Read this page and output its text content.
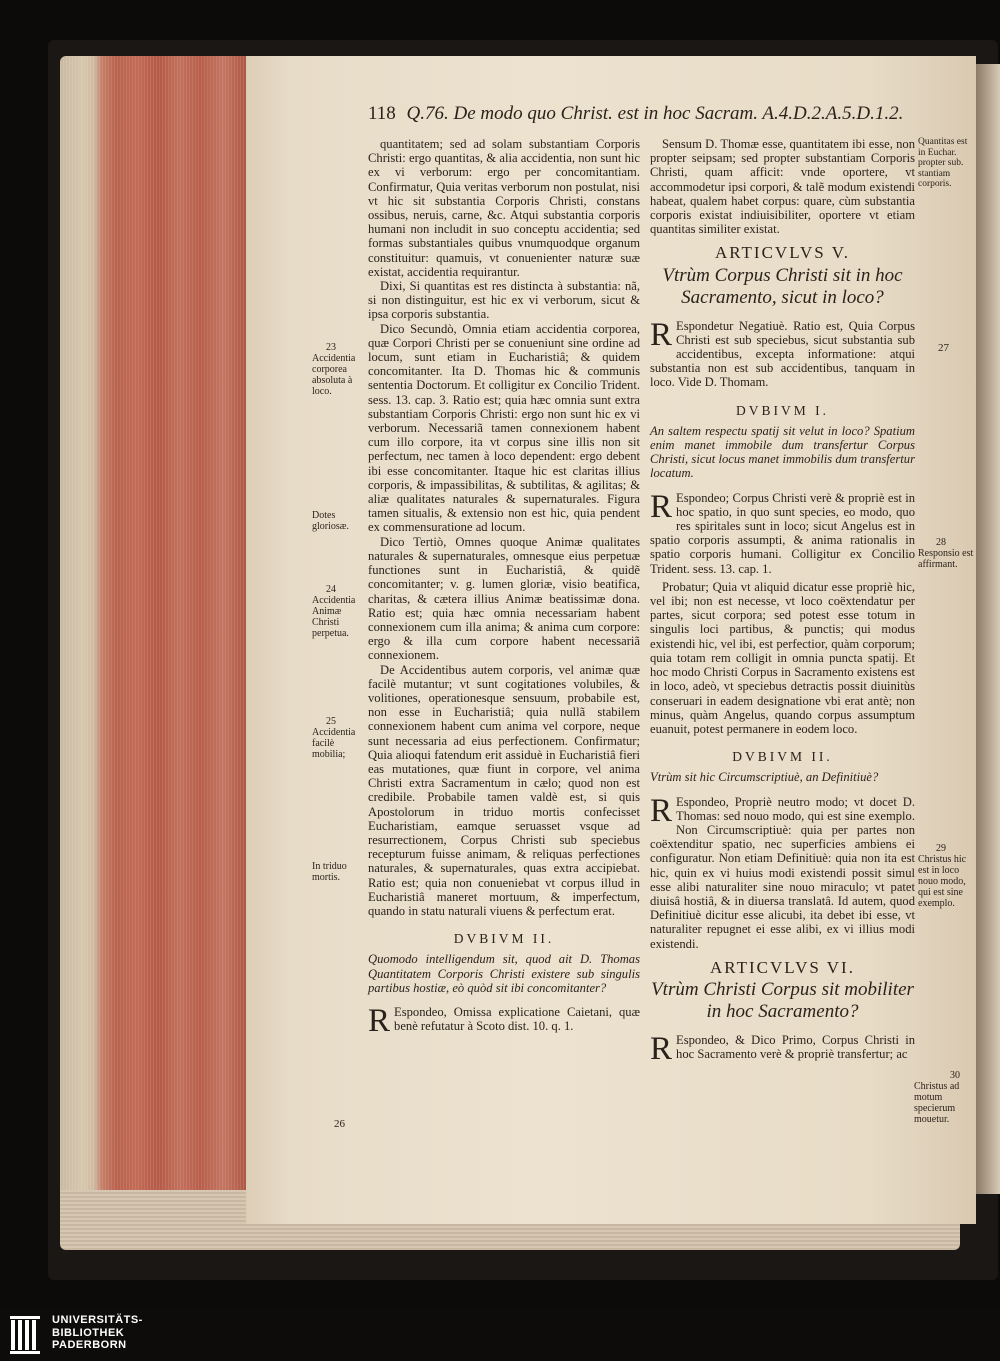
118 Q.76. De modo quo Christ. est in hoc Sacram. A.4.D.2.A.5.D.1.2.
quantitatem; sed ad solam substantiam Corporis Christi: ergo quantitas, & alia accidentia, non sunt hic ex vi verborum: ergo per concomitantiam. Confirmatur, Quia veritas verborum non postulat, nisi vt hic sit substantia Corporis Christi, constans ossibus, neruis, carne, &c. Atqui substantia corporis humani non includit in suo conceptu accidentia; sed formas substantiales quibus vnumquodque organum constituitur: quamuis, vt conuenienter naturæ suæ existat, accidentia requirantur.
Dixi, Si quantitas est res distincta à substantia: nã, si non distinguitur, est hic ex vi verborum, sicut & ipsa corporis substantia.
Dico Secundò, Omnia etiam accidentia corporea, quæ Corpori Christi per se conueniunt sine ordine ad locum, sunt etiam in Eucharistiâ; & quidem concomitanter. Ita D. Thomas hic & communis sententia Doctorum. Et colligitur ex Concilio Trident. sess. 13. cap. 3. Ratio est; quia hæc omnia sunt extra substantiam Corporis Christi: ergo non sunt hic ex vi verborum. Necessariã tamen connexionem habent cum illo corpore, ita vt corpus sine illis non sit perfectum, nec tamen à loco dependent: ergo debent ibi esse concomitanter. Itaque hic est claritas illius corporis, & impassibilitas, & subtilitas, & agilitas; & aliæ qualitates naturales & supernaturales. Figura tamen situalis, & extensio non est hic, quia pendent ex commensuratione ad locum.
Dico Tertiò, Omnes quoque Animæ qualitates naturales & supernaturales, omnesque eius perpetuæ functiones sunt in Eucharistiâ, & quidẽ concomitanter; v. g. lumen gloriæ, visio beatifica, charitas, & cætera illius Animæ beatissimæ dona. Ratio est; quia hæc omnia necessariam habent connexionem cum illa anima; & anima cum corpore: ergo & illa cum corpore habent necessariã connexionem.
De Accidentibus autem corporis, vel animæ quæ facilè mutantur; vt sunt cogitationes volubiles, & volitiones, operationesque sensuum, probabile est, non esse in Eucharistiâ; quia nullã stabilem connexionem habent cum anima vel corpore, neque sunt necessaria ad eius perfectionem. Confirmatur; Quia alioqui fatendum erit assiduè in Eucharistiâ fieri eas mutationes, quæ fiunt in corpore, vel anima Christi extra Sacramentum in cælo; quod non est credibile. Probabile tamen valdè est, si quis Apostolorum in triduo mortis confecisset Eucharistiam, eamque seruasset vsque ad resurrectionem, Corpus Christi sub speciebus recepturum fuisse animam, & reliquas perfectiones naturales, & supernaturales, quas extra accipiebat. Ratio est; quia non conueniebat vt corpus illud in Eucharistiâ maneret mortuum, & imperfectum, quando in statu naturali viuens & perfectum erat.
DVBIVM II.
Quomodo intelligendum sit, quod ait D. Thomas Quantitatem Corporis Christi existere sub singulis partibus hostiæ, eò quòd sit ibi concomitanter?
R Espondeo, Omissa explicatione Caietani, quæ benè refutatur à Scoto dist. 10. q. 1.
Sensum D. Thomæ esse, quantitatem ibi esse, non propter seipsam; sed propter substantiam Corporis Christi, quam afficit: vnde oportere, vt accommodetur ipsi corpori, & talẽ modum existendi habeat, qualem habet corpus: quare, cùm substantia corporis existat indiuisibiliter, oportere vt etiam quantitas similiter existat.
ARTICVLVS V.
Vtrùm Corpus Christi sit in hoc Sacramento, sicut in loco?
R Espondetur Negatiuè. Ratio est, Quia Corpus Christi est sub speciebus, sicut substantia sub accidentibus, excepta informatione: atqui substantia non est sub accidentibus, tanquam in loco. Vide D. Thomam.
DVBIVM I.
An saltem respectu spatij sit velut in loco? Spatium enim manet immobile dum transfertur Corpus Christi, sicut locus manet immobilis dum transfertur locatum.
R Espondeo; Corpus Christi verè & propriè est in hoc spatio, in quo sunt species, eo modo, quo res spiritales sunt in loco; sicut Angelus est in spatio corporis assumpti, & anima rationalis in spatio corporis humani. Colligitur ex Concilio Trident. sess. 13. cap. 1.
Probatur; Quia vt aliquid dicatur esse propriè hic, vel ibi; non est necesse, vt loco coëxtendatur per partes, sicut corpora; sed potest esse totum in singulis loci partibus, & punctis; qui modus existendi hic, vel ibi, est perfectior, quàm corporum; quia totam rem colligit in omnia puncta spatij. Et hoc modo Christi Corpus in Sacramento existens est in loco, adeò, vt speciebus detractis possit diuinitùs conseruari in eadem designatione vbi erat antè; non minus, quàm Angelus, quando corpus assumptum euanuit, potest permanere in eodem loco.
DVBIVM II.
Vtrùm sit hic Circumscriptiuè, an Definitiuè?
R Espondeo, Propriè neutro modo; vt docet D. Thomas: sed nouo modo, qui est sine exemplo. Non Circumscriptiuè: quia per partes non coëxtenditur spatio, nec superficies ambiens ei configuratur. Non etiam Definitiuè: quia non ita est hic, quin ex vi huius modi existendi possit simul esse alibi naturaliter sine nouo miraculo; vt patet diuisâ hostiâ, & in diuersa translatâ. Id autem, quod Definitiuè dicitur esse alicubi, ita debet ibi esse, vt naturaliter repugnet ei esse alibi, ex vi illius modi existendi.
ARTICVLVS VI.
Vtrùm Christi Corpus sit mobiliter in hoc Sacramento?
R Espondeo, & Dico Primo, Corpus Christi in hoc Sacramento verè & propriè transfertur; ac
23
Accidentia corporea absoluta à loco.
Dotes gloriosæ.
24
Accidentia Animæ Christi perpetua.
25
Accidentia facilè mobilia;
In triduo mortis.
26
Quantitas est in Euchar. propter sub. stantiam corporis.
27
28
Responsio est affirmant.
29
Christus hic est in loco nouo modo, qui est sine exemplo.
30
Christus ad motum specierum mouetur.
UNIVERSITÄTS-
BIBLIOTHEK
PADERBORN
